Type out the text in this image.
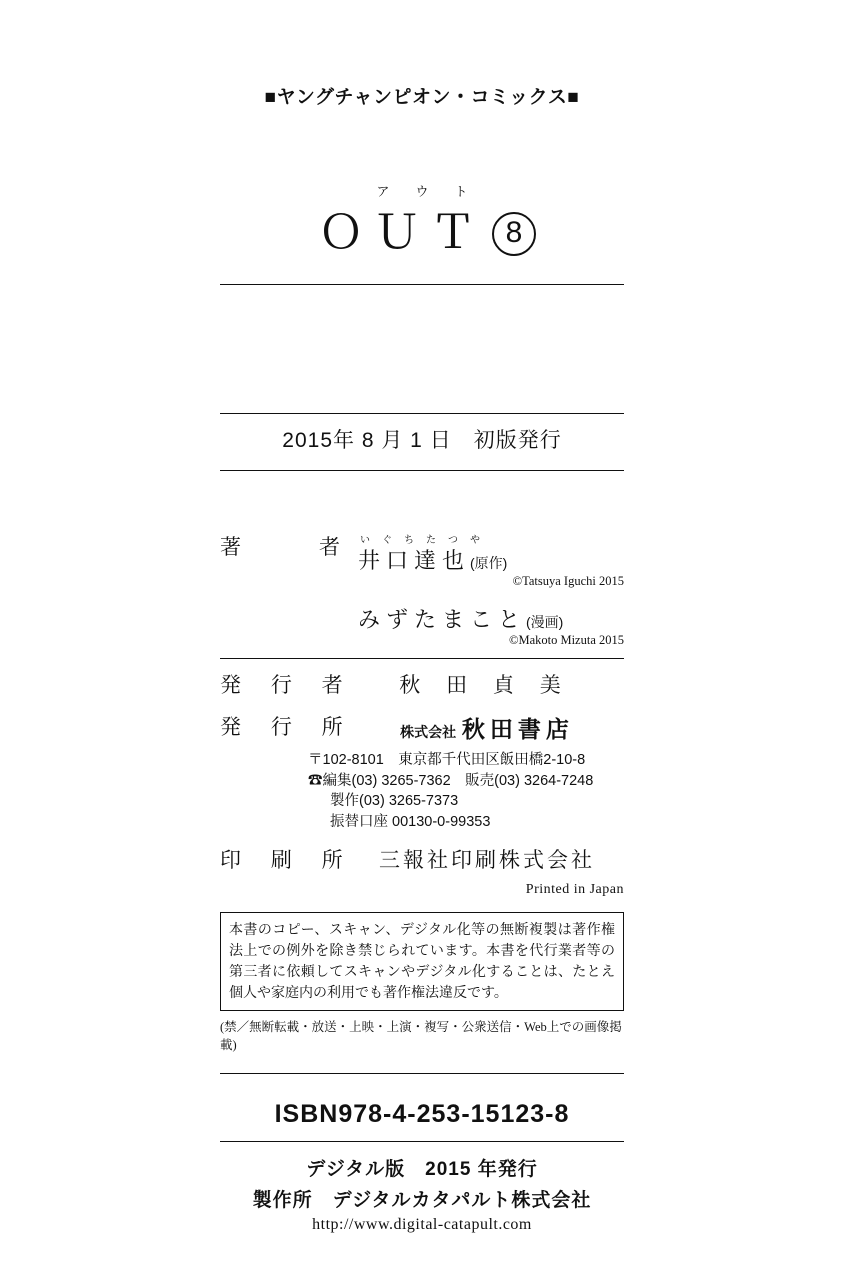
■ヤングチャンピオン・コミックス■
アウト
ＯＵＴ 8
2015年 8 月 1 日　初版発行
著　　者 いぐちたつや
井口達也(原作)
©Tatsuya Iguchi 2015
みずたまこと(漫画)
©Makoto Mizuta 2015
発 行 者	秋 田 貞 美
発 行 所	株式会社 秋田書店
〒102-8101　東京都千代田区飯田橋2-10-8
☎編集(03) 3265-7362　販売(03) 3264-7248
製作(03) 3265-7373
振替口座 00130-0-99353
印 刷 所	三報社印刷株式会社
Printed in Japan
本書のコピー、スキャン、デジタル化等の無断複製は著作権法上での例外を除き禁じられています。本書を代行業者等の第三者に依頼してスキャンやデジタル化することは、たとえ個人や家庭内の利用でも著作権法違反です。
(禁／無断転載・放送・上映・上演・複写・公衆送信・Web上での画像掲載)
ISBN978-4-253-15123-8
デジタル版　2015 年発行
製作所　デジタルカタパルト株式会社
http://www.digital-catapult.com
